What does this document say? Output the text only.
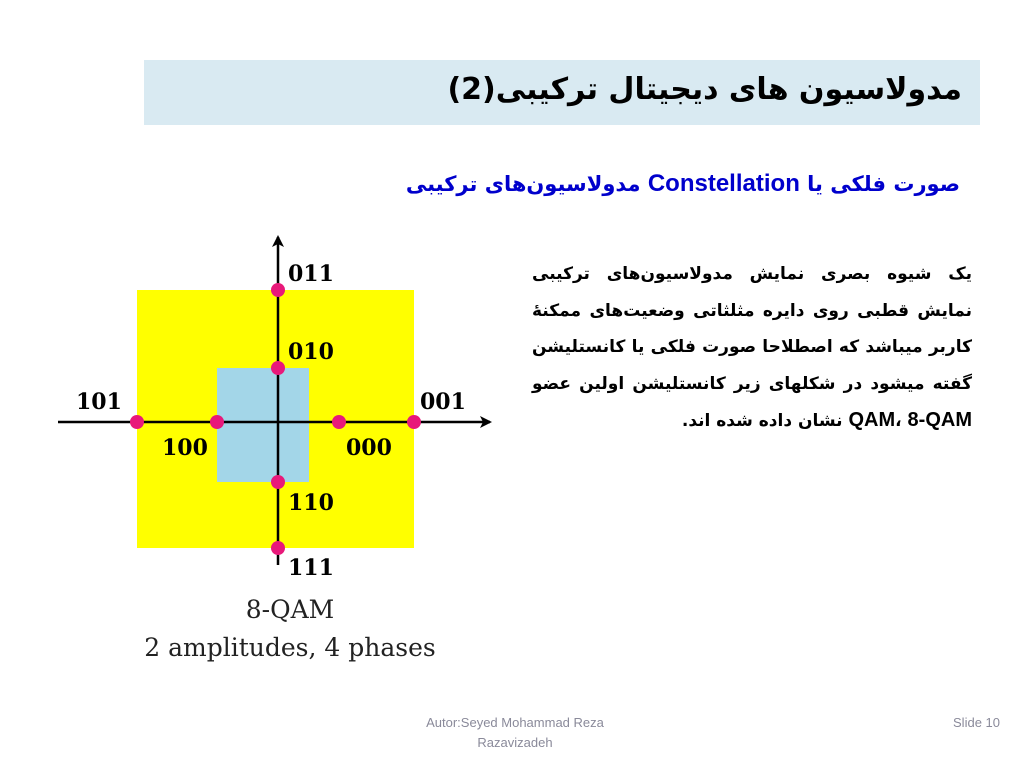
مدولاسیون های دیجیتال ترکیبی(2)
صورت فلکی یا Constellation مدولاسیون‌های ترکیبی
یک شیوه بصری نمایش مدولاسیون‌های ترکیبی نمایش قطبی روی دایره مثلثاتی وضعیت‌های ممکنۀ کاربر میباشد که اصطلاحا صورت فلکی یا کانستلیشن گفته میشود در شکلهای زیر کانستلیشن اولین عضو QAM، 8-QAM نشان داده شده اند.
011
010
101
100	000
001
110
111
8-QAM
2 amplitudes, 4 phases
Autor:Seyed Mohammad Reza
Razavizadeh
Slide 10
